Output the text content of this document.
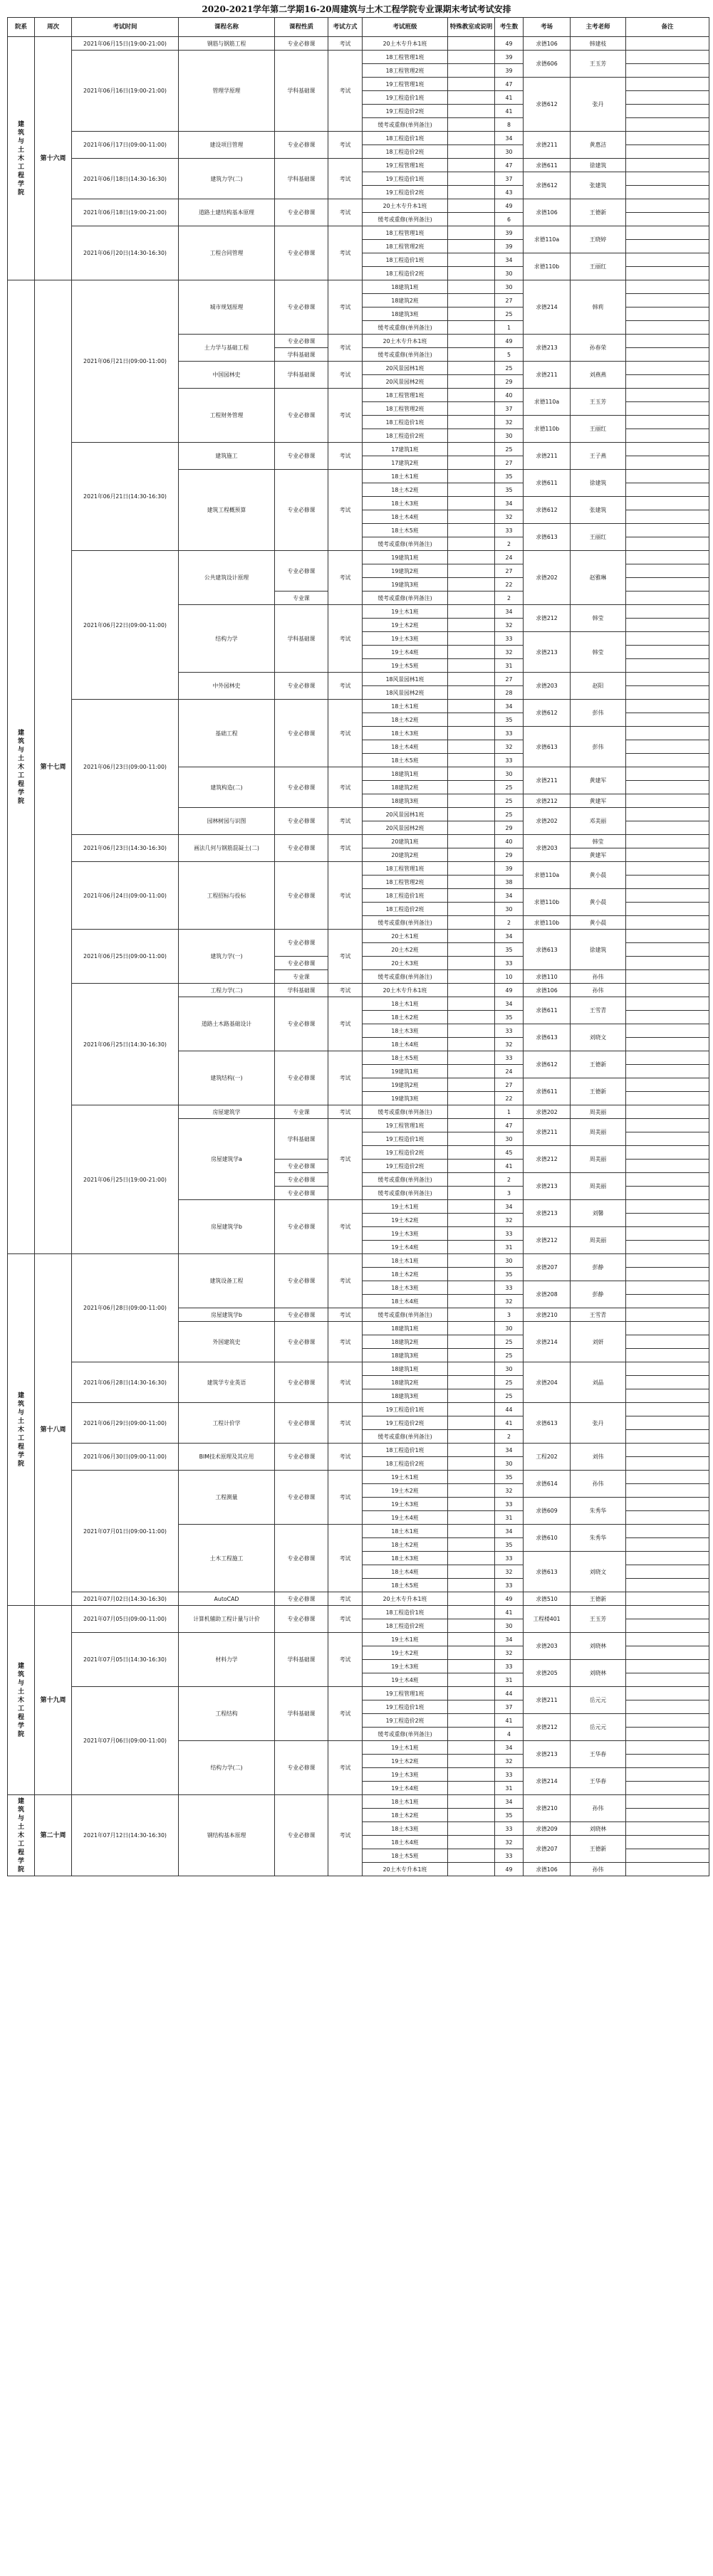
2020-2021学年第二学期16-20周建筑与土木工程学院专业课期末考试考试安排
院系	周次	考试时间	课程名称	课程性质	考试方式	考试班级	特殊教室或说明	考生数	考场	主考老师	备注

建筑与土木工程学院	第十六周	2021年06月15日(19:00-21:00)	钢筋与钢筋工程	专业必修课	考试	20土木专升本1班		49	求德106	韩建枝	
		2021年06月16日(19:00-21:00)	管理学原理	学科基础课	考试	18工程管理1班		39	求德606	王玉芳	
						18工程管理2班		39			
						19工程管理1班		47	求德612	张丹	
						19工程造价1班		41			
						19工程造价2班		41			
						缓考或重修(单列备注)		8			
		2021年06月17日(09:00-11:00)	建设项目管理	专业必修课	考试	18工程造价1班		34	求德211	黄惠洁	
						18工程造价2班		30			
		2021年06月18日(14:30-16:30)	建筑力学(二)	学科基础课	考试	19工程管理1班		47	求德611	徐建筑	
						19工程造价1班		37	求德612	张建筑	
						19工程造价2班		43			
		2021年06月18日(19:00-21:00)	道路土建结构基本原理	专业必修课	考试	20土木专升本1班		49	求德106	王德新	
						缓考或重修(单列备注)		6			
		2021年06月20日(14:30-16:30)	工程合同管理	专业必修课	考试	18工程管理1班		39	求德110a	王晓婷	
						18工程管理2班		39			
						18工程造价1班		34	求德110b	王丽红	
						18工程造价2班		30			

建筑与土木工程学院	第十七周	2021年06月21日(09:00-11:00)	城市规划原理	专业必修课	考试	18建筑1班		30	求德214	韩莉	
						18建筑2班		27			
						18建筑3班		25			
						缓考或重修(单列备注)		1			
			土力学与基础工程	专业必修课	考试	20土木专升本1班		49	求德213	孙春荣	
				学科基础课		缓考或重修(单列备注)		5			
			中国园林史	学科基础课	考试	20风景园林1班		25	求德211	刘燕燕	
						20风景园林2班		29			
			工程财务管理	专业必修课	考试	18工程管理1班		40	求德110a	王玉芳	
						18工程管理2班		37			
						18工程造价1班		32	求德110b	王丽红	
						18工程造价2班		30			
		2021年06月21日(14:30-16:30)	建筑施工	专业必修课	考试	17建筑1班		25	求德211	王子燕	
						17建筑2班		27			
			建筑工程概预算	专业必修课	考试	18土木1班		35	求德611	徐建筑	
						18土木2班		35			
						18土木3班		34	求德612	张建筑	
						18土木4班		32			
						18土木5班		33	求德613	王丽红	
						缓考或重修(单列备注)		2			
		2021年06月22日(09:00-11:00)	公共建筑设计原理	专业必修课	考试	19建筑1班		24	求德202	赵雅琳	
						19建筑2班		27			
						19建筑3班		22			
				专业课		缓考或重修(单列备注)		2			
			结构力学	学科基础课	考试	19土木1班		34	求德212	韩莹	
						19土木2班		32			
						19土木3班		33	求德213	韩莹	
						19土木4班		32			
						19土木5班		31			
			中外园林史	专业必修课	考试	18风景园林1班		27	求德203	赵阳	
						18风景园林2班		28			
		2021年06月23日(09:00-11:00)	基础工程	专业必修课	考试	18土木1班		34	求德612	彭伟	
						18土木2班		35			
						18土木3班		33	求德613	彭伟	
						18土木4班		32			
						18土木5班		33			
			建筑构造(二)	专业必修课	考试	18建筑1班		30	求德211	黄建军	
						18建筑2班		25			
						18建筑3班		25	求德212	黄建军	
			园林树园与识图	专业必修课	考试	20风景园林1班		25	求德202	邓美丽	
						20风景园林2班		29			
		2021年06月23日(14:30-16:30)	画法几何与钢筋混凝土(二)	专业必修课	考试	20建筑1班		40	求德203	韩莹	
						20建筑2班		29		黄建军	
		2021年06月24日(09:00-11:00)	工程招标与投标	专业必修课	考试	18工程管理1班		39	求德110a	黄小晨	
						18工程管理2班		38			
						18工程造价1班		34	求德110b	黄小晨	
						18工程造价2班		30			
						缓考或重修(单列备注)		2	求德110b	黄小晨	
		2021年06月25日(09:00-11:00)	建筑力学(一)	专业必修课	考试	20土木1班		34	求德613	徐建筑	
						20土木2班		35			
				专业必修课		20土木3班		33			
				专业课		缓考或重修(单列备注)		10	求德110	孙伟	
		2021年06月25日(14:30-16:30)	工程力学(二)	学科基础课	考试	20土木专升本1班		49	求德106	孙伟	
			道路土木路基础设计	专业必修课	考试	18土木1班		34	求德611	王雪青	
						18土木2班		35			
						18土木3班		33	求德613	刘晓文	
						18土木4班		32			
			建筑结构(一)	专业必修课	考试	18土木5班		33	求德612	王德新	
						19建筑1班		24			
						19建筑2班		27	求德611	王德新	
						19建筑3班		22			
		2021年06月25日(19:00-21:00)	房屋建筑学	专业课	考试	缓考或重修(单列备注)		1	求德202	周美丽	
			房屋建筑学a	学科基础课	考试	19工程管理1班		47	求德211	周美丽	
						19工程造价1班		30			
						19工程造价2班		45	求德212	周美丽	
				专业必修课		19工程造价2班		41			
				专业必修课		缓考或重修(单列备注)		2	求德213	周美丽	
				专业必修课		缓考或重修(单列备注)		3			
			房屋建筑学b	专业必修课	考试	19土木1班		34	求德213	刘馨	
						19土木2班		32			
						19土木3班		33	求德212	周美丽	
						19土木4班		31			

建筑与土木工程学院	第十八周	2021年06月28日(09:00-11:00)	建筑设备工程	专业必修课	考试	18土木1班		30	求德207	彭静	
						18土木2班		35			
						18土木3班		33	求德208	彭静	
						18土木4班		32			
			房屋建筑学b	专业必修课	考试	缓考或重修(单列备注)		3	求德210	王雪青	
			外国建筑史	专业必修课	考试	18建筑1班		30	求德214	刘妍	
						18建筑2班		25			
						18建筑3班		25			
		2021年06月28日(14:30-16:30)	建筑学专业英语	专业必修课	考试	18建筑1班		30	求德204	刘晶	
						18建筑2班		25			
						18建筑3班		25			
		2021年06月29日(09:00-11:00)	工程计价学	专业必修课	考试	19工程造价1班		44	求德613	张丹	
						19工程造价2班		41			
						缓考或重修(单列备注)		2			
		2021年06月30日(09:00-11:00)	BIM技术原理及其应用	专业必修课	考试	18工程造价1班		34	工程202	刘伟	
						18工程造价2班		30			
		2021年07月01日(09:00-11:00)	工程测量	专业必修课	考试	19土木1班		35	求德614	孙伟	
						19土木2班		32			
						19土木3班		33	求德609	朱秀华	
						19土木4班		31			
			土木工程施工	专业必修课	考试	18土木1班		34	求德610	朱秀华	
						18土木2班		35			
						18土木3班		33	求德613	刘晓文	
						18土木4班		32			
						18土木5班		33			
		2021年07月02日(14:30-16:30)	AutoCAD	专业必修课	考试	20土木专升本1班		49	求德510	王德新	

建筑与土木工程学院	第十九周	2021年07月05日(09:00-11:00)	计算机辅助工程计量与计价	专业必修课	考试	18工程造价1班		41	工程楼401	王玉芳	
						18工程造价2班		30			
		2021年07月05日(14:30-16:30)	材料力学	学科基础课	考试	19土木1班		34	求德203	刘晓林	
						19土木2班		32			
						19土木3班		33	求德205	刘晓林	
						19土木4班		31			
		2021年07月06日(09:00-11:00)	工程结构	学科基础课	考试	19工程管理1班		44	求德211	岳元元	
						19工程造价1班		37			
						19工程造价2班		41	求德212	岳元元	
						缓考或重修(单列备注)		4			
			结构力学(二)	专业必修课	考试	19土木1班		34	求德213	王华春	
						19土木2班		32			
						19土木3班		33	求德214	王华春	
						19土木4班		31			

建筑与土木工程学院	第二十周	2021年07月12日(14:30-16:30)	钢结构基本原理	专业必修课	考试	18土木1班		34	求德210	孙伟	
						18土木2班		35			
						18土木3班		33	求德209	刘晓林	
						18土木4班		32	求德207	王德新	
						18土木5班		33			
						20土木专升本1班		49	求德106	孙伟	
